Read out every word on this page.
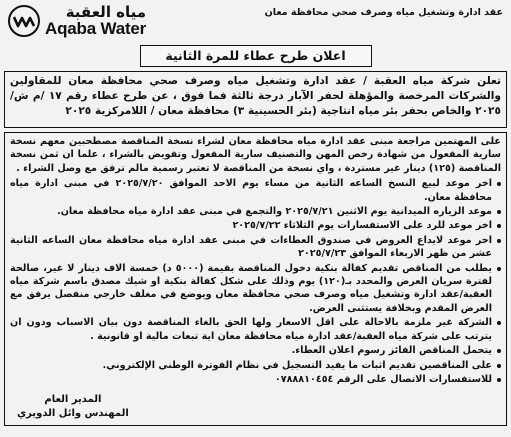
مياه العقبة
Aqaba Water
عقد ادارة وتشغيل مياه وصرف صحي محافظة معان
اعلان طرح عطاء للمرة الثانية
تعلن شركة مياه العقبة / عقد ادارة وتشغيل مياه وصرف صحي محافظة معان للمقاولين والشركات المرخصة والمؤهلة لحفر الآبار درجة ثالثة فما فوق ، عن طرح عطاء رقم ١٧ /م ش/٢٠٢٥ والخاص بحفر بئر مياه انتاجية (بئر الحسينية ٣) محافظة معان / اللامركزية ٢٠٢٥

على المهتمين مراجعة مبنى عقد ادارة مياه محافظة معان لشراء نسخة المناقصة مصطحبين معهم نسخة سارية المفعول من شهادة رخص المهن والتصنيف سارية المفعول وتفويض بالشراء ، علما ان ثمن نسخة المناقصة (١٢٥) دينار غير مستردة ، واي نسخة من المناقصة لا تعتبر رسمية مالم ترفق مع وصل الشراء .

اخر موعد لبيع النسخ الساعه الثانية من مساء يوم الاحد الموافق ٢٠٢٥/٧/٢٠ في مبنى ادارة مياه محافظة معان.
موعد الزياره الميدانية يوم الاثنين ٢٠٢٥/٧/٢١ والتجمع في مبنى عقد ادارة مياه محافظة معان.
اخر موعد للرد على الاستفسارات يوم الثلاثاء ٢٠٢٥/٧/٢٢
اخر موعد لايداع العروض في صندوق العطاءات في مبنى عقد ادارة مياه محافظة معان الساعه الثانية عشر من ظهر الاربعاء الموافق ٢٠٢٥/٧/٢٣
يطلب من المناقص تقديم كفالة بنكية دخول المناقصة بقيمة (٥٠٠٠ د) خمسة الاف دينار لا غير، صالحة لفترة سريان العرض والمحدد بـ(١٢٠) يوم وذلك على شكل كفالة بنكية او شيك مصدق باسم شركة مياه العقبة/عقد ادارة وتشغيل مياه وصرف صحي محافظة معان ويوضع في مغلف خارجي منفصل يرفق مع العرض المقدم وبخلافة يستثنى العرض.
الشركة غير ملزمة بالاحالة على اقل الاسعار ولها الحق بالغاء المناقصة دون بيان الاسباب ودون ان يترتب على شركة مياه العقبة/عقد ادارة مياه محافظة معان اية تبعات مالية او قانونية .
يتحمل المناقص الفائز رسوم اعلان العطاء.
على المناقصين تقديم اثبات ما يفيد التسجيل في نظام الفوترة الوطني الإلكتروني.
للاستفسارات الاتصال على الرقم ٠٧٨٨٨١٠٤٥٤
المدير العام
المهندس وائل الدويري
